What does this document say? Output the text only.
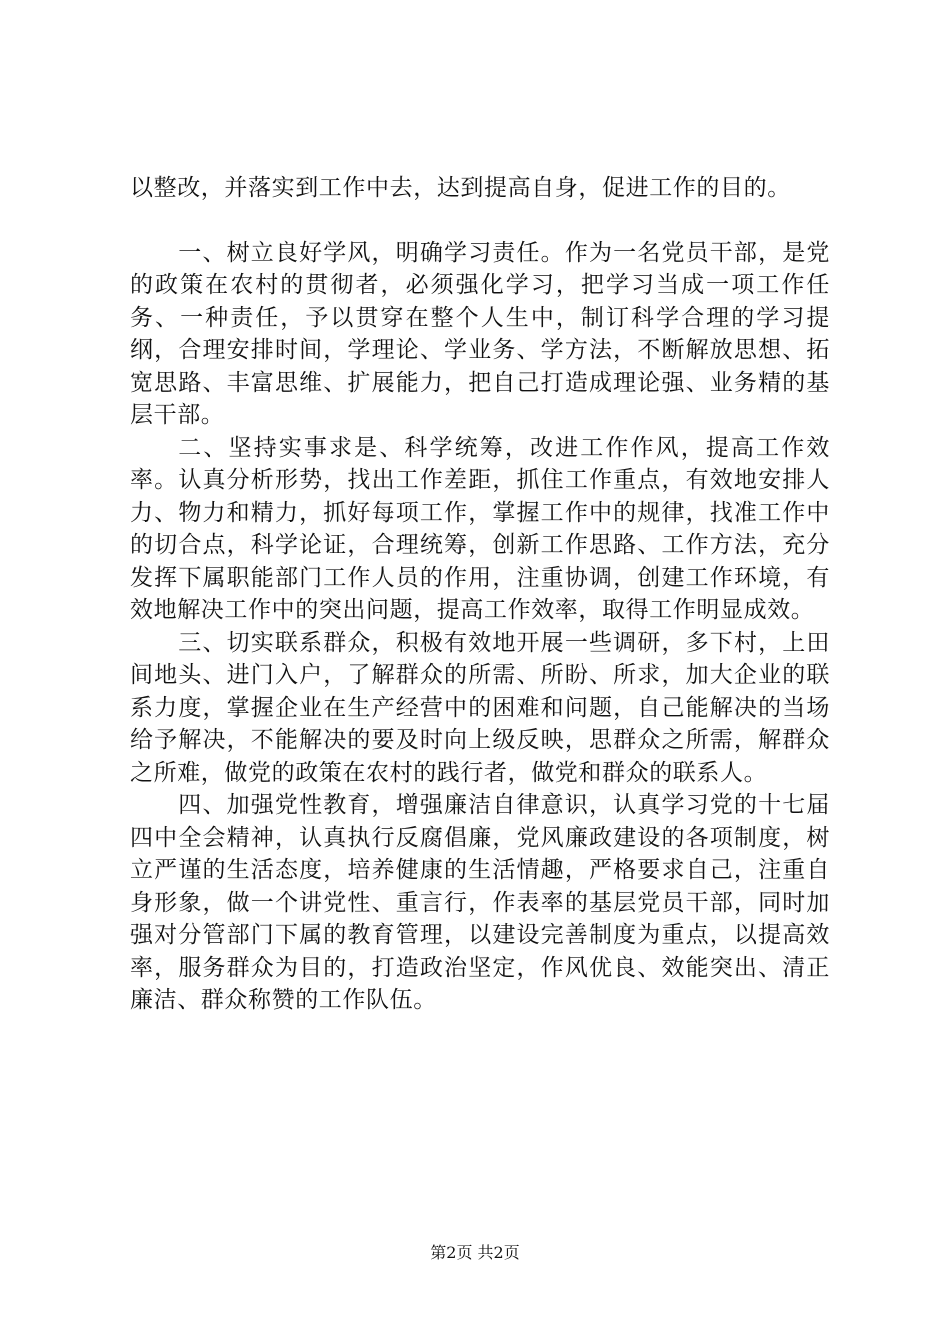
以整改，并落实到工作中去，达到提高自身，促进工作的目的。

一、树立良好学风，明确学习责任。作为一名党员干部，是党的政策在农村的贯彻者，必须强化学习，把学习当成一项工作任务、一种责任，予以贯穿在整个人生中，制订科学合理的学习提纲，合理安排时间，学理论、学业务、学方法，不断解放思想、拓宽思路、丰富思维、扩展能力，把自己打造成理论强、业务精的基层干部。

二、坚持实事求是、科学统筹，改进工作作风，提高工作效率。认真分析形势，找出工作差距，抓住工作重点，有效地安排人力、物力和精力，抓好每项工作，掌握工作中的规律，找准工作中的切合点，科学论证，合理统筹，创新工作思路、工作方法，充分发挥下属职能部门工作人员的作用，注重协调，创建工作环境，有效地解决工作中的突出问题，提高工作效率，取得工作明显成效。

三、切实联系群众，积极有效地开展一些调研，多下村，上田间地头、进门入户，了解群众的所需、所盼、所求，加大企业的联系力度，掌握企业在生产经营中的困难和问题，自己能解决的当场给予解决，不能解决的要及时向上级反映，思群众之所需，解群众之所难，做党的政策在农村的践行者，做党和群众的联系人。

四、加强党性教育，增强廉洁自律意识，认真学习党的十七届四中全会精神，认真执行反腐倡廉，党风廉政建设的各项制度，树立严谨的生活态度，培养健康的生活情趣，严格要求自己，注重自身形象，做一个讲党性、重言行，作表率的基层党员干部，同时加强对分管部门下属的教育管理，以建设完善制度为重点，以提高效率，服务群众为目的，打造政治坚定，作风优良、效能突出、清正廉洁、群众称赞的工作队伍。

第2页 共2页
